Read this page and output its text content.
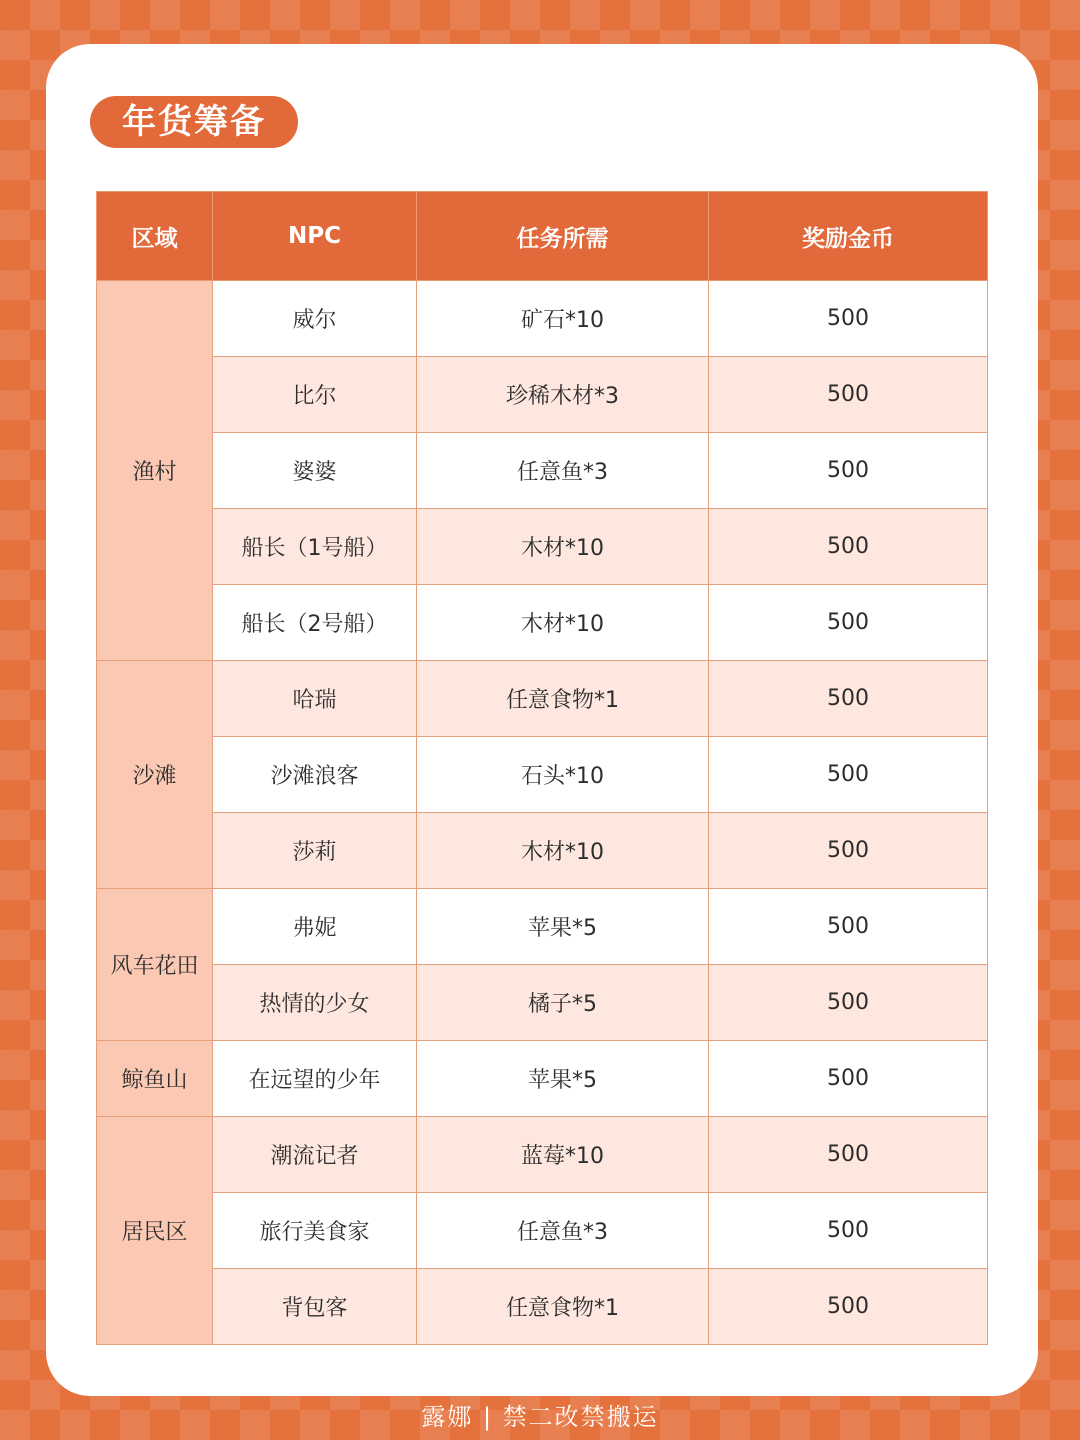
年货筹备
区域	NPC	任务所需	奖励金币
渔村	威尔	矿石*10	500
	比尔	珍稀木材*3	500
	婆婆	任意鱼*3	500
	船长（1号船）	木材*10	500
	船长（2号船）	木材*10	500
沙滩	哈瑞	任意食物*1	500
	沙滩浪客	石头*10	500
	莎莉	木材*10	500
风车花田	弗妮	苹果*5	500
	热情的少女	橘子*5	500
鲸鱼山	在远望的少年	苹果*5	500
居民区	潮流记者	蓝莓*10	500
	旅行美食家	任意鱼*3	500
	背包客	任意食物*1	500
露娜 | 禁二改禁搬运
